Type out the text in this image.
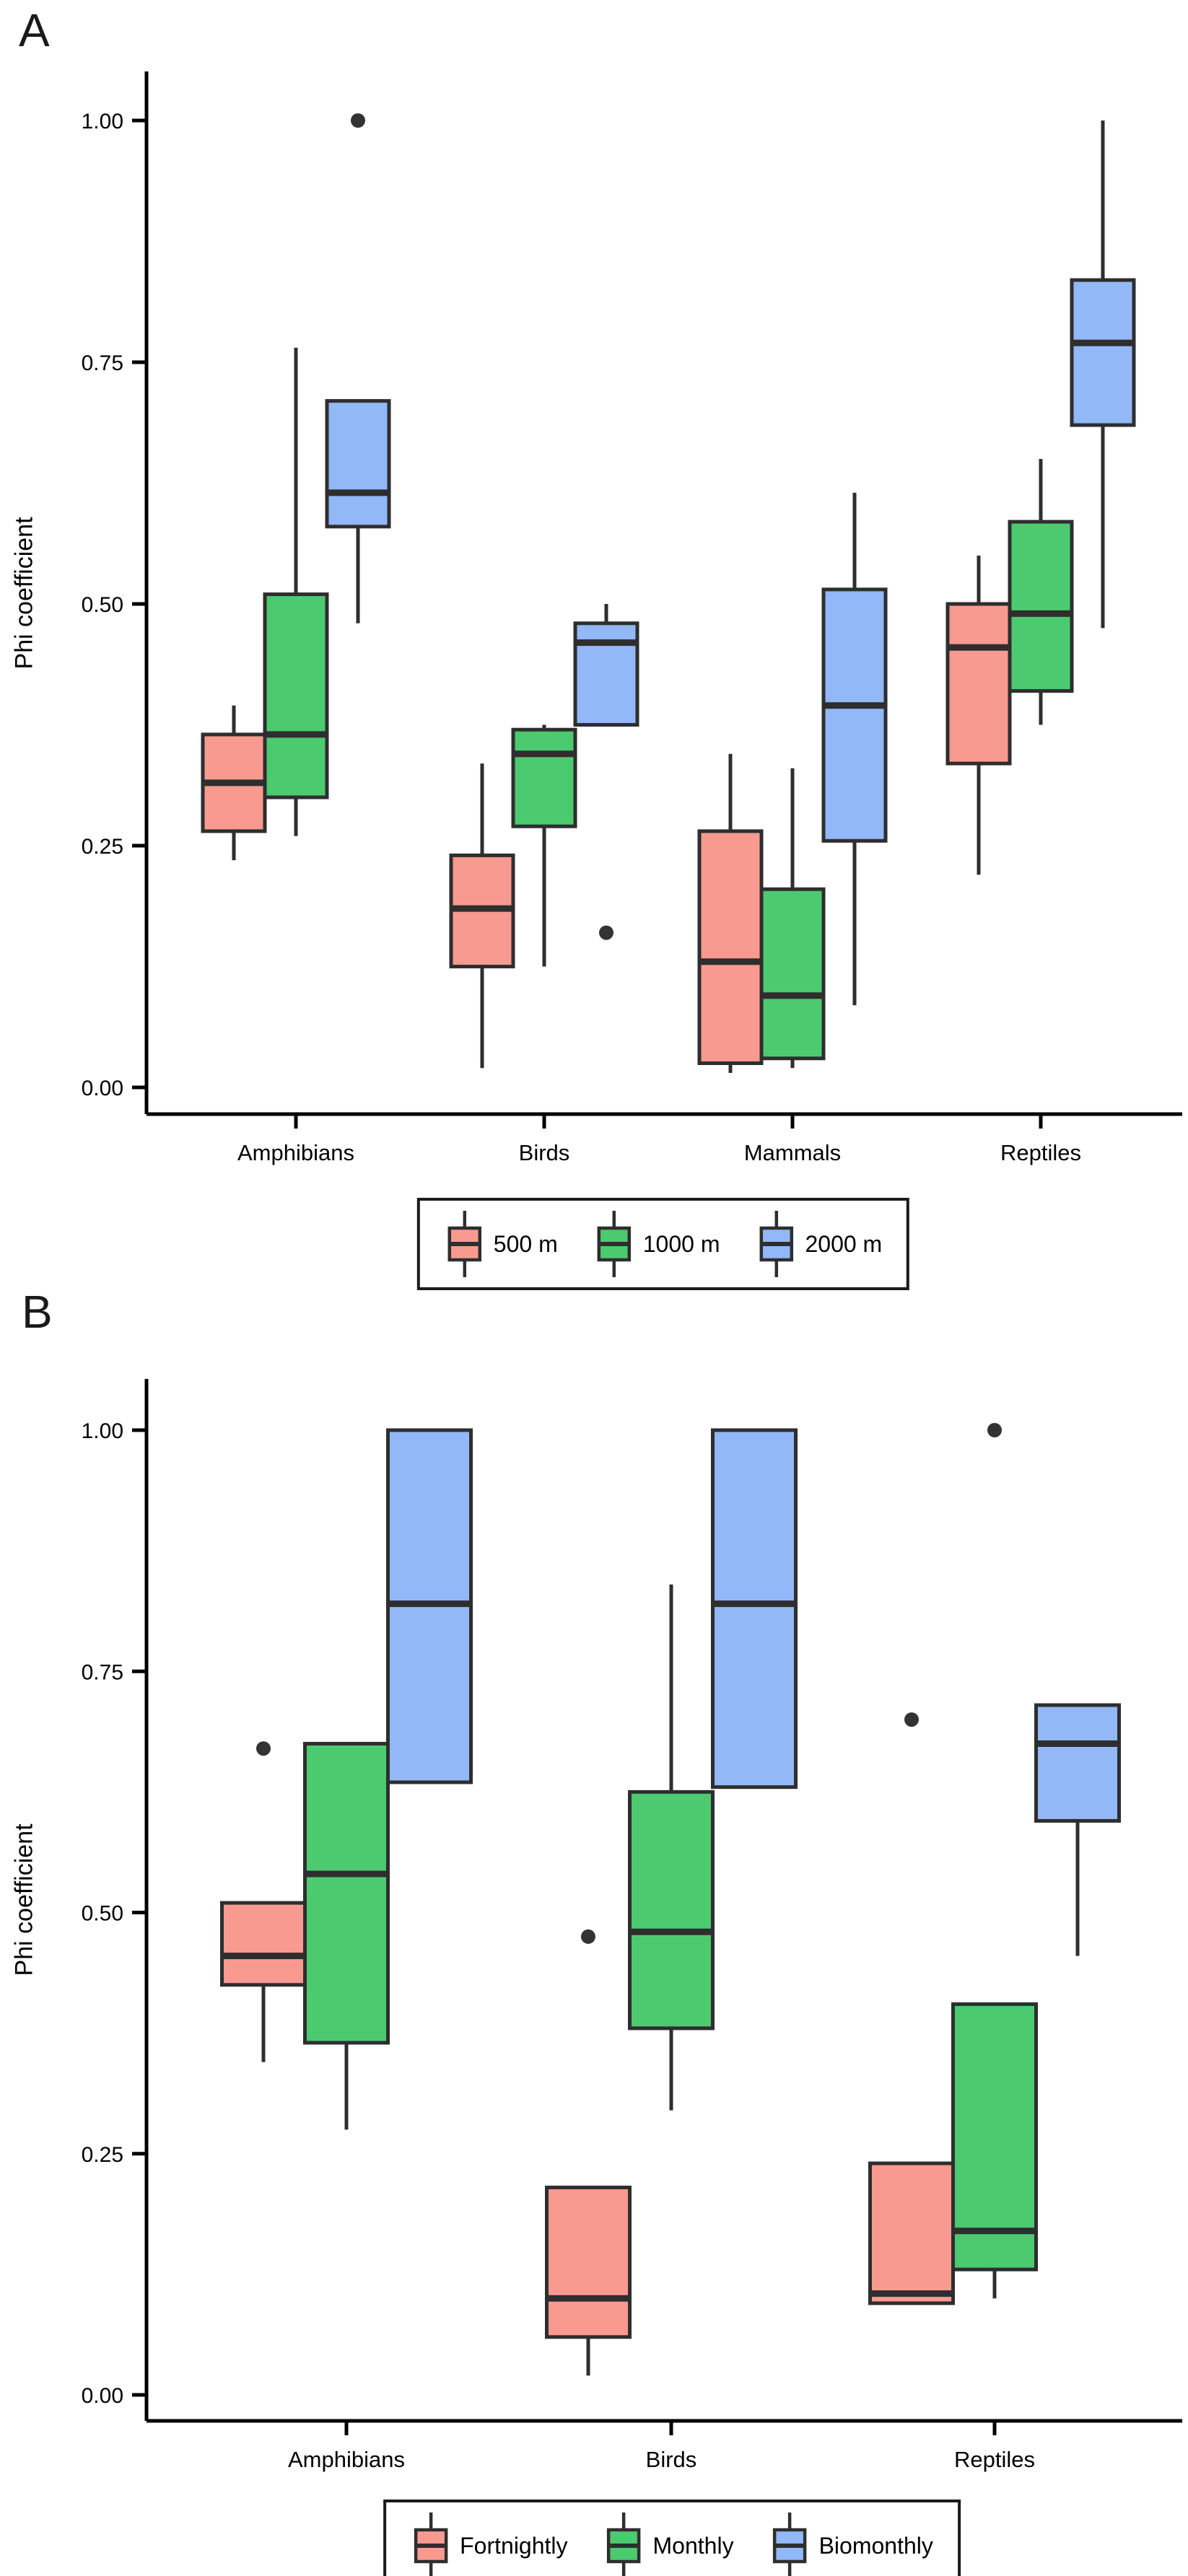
0.00
0.25
0.50
0.75
1.00
Amphibians	Birds	Mammals	Reptiles
0.00
0.25
0.50
0.75
1.00
Amphibians	Birds	Reptiles
A
Phi coefficient
500 m	1000 m	2000 m
B
Phi coefficient
Fortnightly	Monthly	Biomonthly
